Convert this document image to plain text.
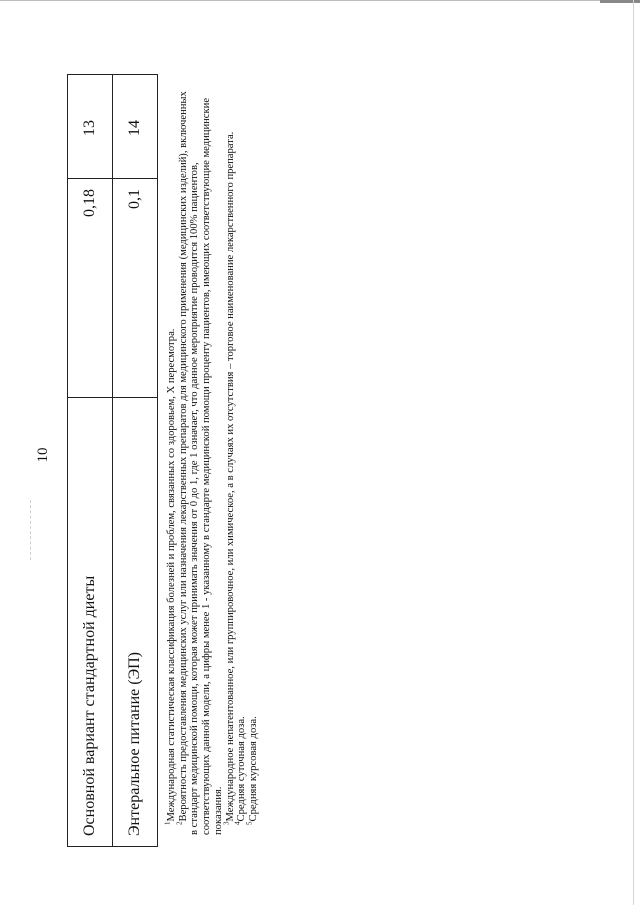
10
Основной вариант стандартной диеты	0,18	13
Энтеральное питание (ЭП)	0,1	14

$^1$Международная статистическая классификация болезней и проблем, связанных со здоровьем, X пересмотра.

$^2$Вероятность предоставления медицинских услуг или назначения лекарственных препаратов для медицинского применения (медицинских изделий), включенных в стандарт медицинской помощи, которая может принимать значения от 0 до 1, где 1 означает, что данное мероприятие проводится 100% пациентов, соответствующих данной модели, а цифры менее 1 - указанному в стандарте медицинской помощи проценту пациентов, имеющих соответствующие медицинские показания.

$^3$Международное непатентованное, или группировочное, или химическое, а в случаях их отсутствия – торговое наименование лекарственного препарата.

$^4$Средняя суточная доза.

$^5$Средняя курсовая доза.
